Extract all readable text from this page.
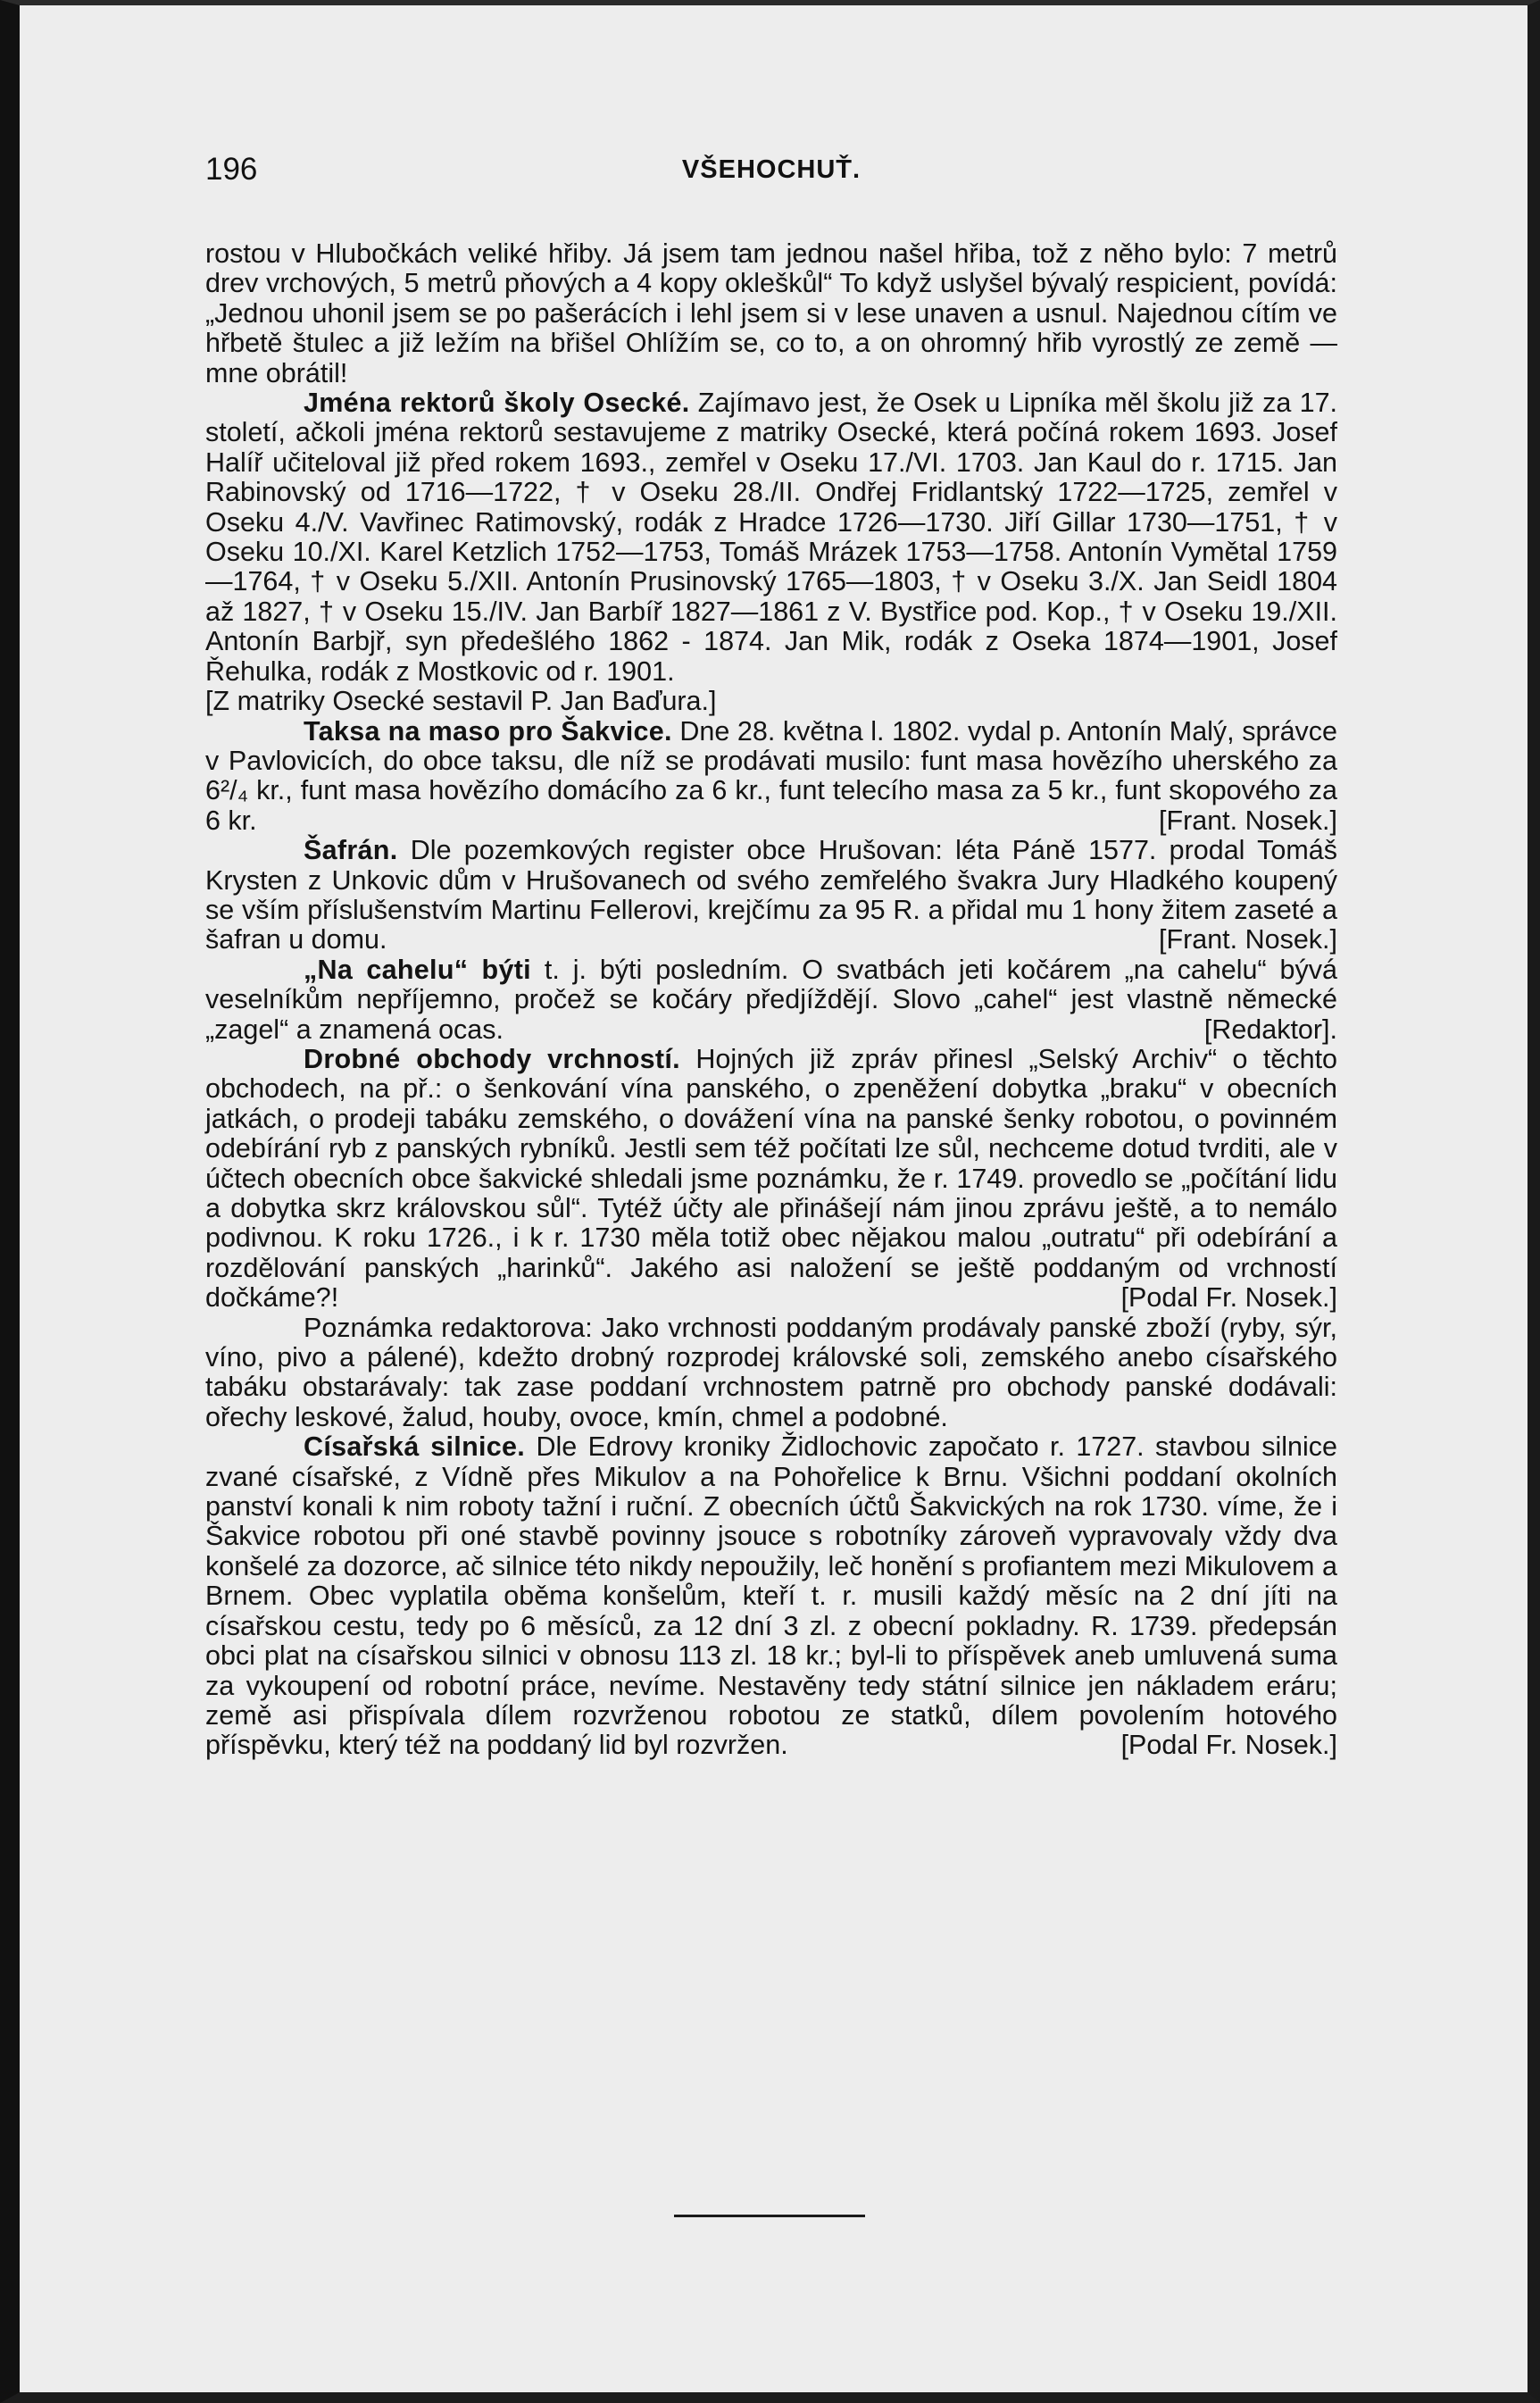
196	VŠEHOCHUŤ.

rostou v Hlubočkách veliké hřiby. Já jsem tam jednou našel hřiba, tož z něho bylo: 7 metrů drev vrchových, 5 metrů pňových a 4 kopy okleškůl“ To když uslyšel bývalý respicient, povídá: „Jednou uhonil jsem se po pašerácích i lehl jsem si v lese unaven a usnul. Najednou cítím ve hřbetě štulec a již ležím na břišel Ohlížím se, co to, a on ohromný hřib vyrostlý ze země — mne obrátil!

Jména rektorů školy Osecké. Zajímavo jest, že Osek u Lipníka měl školu již za 17. století, ačkoli jména rektorů sestavujeme z matriky Osecké, která počíná rokem 1693. Josef Halíř učiteloval již před rokem 1693., zemřel v Oseku 17./VI. 1703. Jan Kaul do r. 1715. Jan Rabinovský od 1716—1722, † v Oseku 28./II. Ondřej Fridlantský 1722—1725, zemřel v Oseku 4./V. Vavřinec Ratimovský, rodák z Hradce 1726—1730. Jiří Gillar 1730—1751, † v Oseku 10./XI. Karel Ketzlich 1752—1753, Tomáš Mrázek 1753—1758. Antonín Vymětal 1759—1764, † v Oseku 5./XII. Antonín Prusinovský 1765—1803, † v Oseku 3./X. Jan Seidl 1804 až 1827, † v Oseku 15./IV. Jan Barbíř 1827—1861 z V. Bystřice pod. Kop., † v Oseku 19./XII. Antonín Barbjř, syn předešlého 1862 - 1874. Jan Mik, rodák z Oseka 1874—1901, Josef Řehulka, rodák z Mostkovic od r. 1901.

[Z matriky Osecké sestavil P. Jan Baďura.]

Taksa na maso pro Šakvice. Dne 28. května l. 1802. vydal p. Antonín Malý, správce v Pavlovicích, do obce taksu, dle níž se prodávati musilo: funt masa hovězího uherského za 6²/₄ kr., funt masa hovězího domácího za 6 kr., funt telecího masa za 5 kr., funt skopového za 6 kr.	[Frant. Nosek.]

Šafrán. Dle pozemkových register obce Hrušovan: léta Páně 1577. prodal Tomáš Krysten z Unkovic dům v Hrušovanech od svého zemřelého švakra Jury Hladkého koupený se vším příslušenstvím Martinu Fellerovi, krejčímu za 95 R. a přidal mu 1 hony žitem zaseté a šafran u domu.	[Frant. Nosek.]

„Na cahelu“ býti t. j. býti posledním. O svatbách jeti kočárem „na cahelu“ bývá veselníkům nepříjemno, pročež se kočáry předjíždějí. Slovo „cahel“ jest vlastně německé „zagel“ a znamená ocas.	[Redaktor].

Drobné obchody vrchností. Hojných již zpráv přinesl „Selský Archiv“ o těchto obchodech, na př.: o šenkování vína panského, o zpeněžení dobytka „braku“ v obecních jatkách, o prodeji tabáku zemského, o dovážení vína na panské šenky robotou, o povinném odebírání ryb z panských rybníků. Jestli sem též počítati lze sůl, nechceme dotud tvrditi, ale v účtech obecních obce šakvické shledali jsme poznámku, že r. 1749. provedlo se „počítání lidu a dobytka skrz královskou sůl“. Tytéž účty ale přinášejí nám jinou zprávu ještě, a to nemálo podivnou. K roku 1726., i k r. 1730 měla totiž obec nějakou malou „outratu“ při odebírání a rozdělování panských „harinků“. Jakého asi naložení se ještě poddaným od vrchností dočkáme?!	[Podal Fr. Nosek.]

Poznámka redaktorova: Jako vrchnosti poddaným prodávaly panské zboží (ryby, sýr, víno, pivo a pálené), kdežto drobný rozprodej královské soli, zemského anebo císařského tabáku obstarávaly: tak zase poddaní vrchnostem patrně pro obchody panské dodávali: ořechy leskové, žalud, houby, ovoce, kmín, chmel a podobné.

Císařská silnice. Dle Edrovy kroniky Židlochovic započato r. 1727. stavbou silnice zvané císařské, z Vídně přes Mikulov a na Pohořelice k Brnu. Všichni poddaní okolních panství konali k nim roboty tažní i ruční. Z obecních účtů Šakvických na rok 1730. víme, že i Šakvice robotou při oné stavbě povinny jsouce s robotníky zároveň vypravovaly vždy dva konšelé za dozorce, ač silnice této nikdy nepoužily, leč honění s profiantem mezi Mikulovem a Brnem. Obec vyplatila oběma konšelům, kteří t. r. musili každý měsíc na 2 dní jíti na císařskou cestu, tedy po 6 měsíců, za 12 dní 3 zl. z obecní pokladny. R. 1739. předepsán obci plat na císařskou silnici v obnosu 113 zl. 18 kr.; byl-li to příspěvek aneb umluvená suma za vykoupení od robotní práce, nevíme. Nestavěny tedy státní silnice jen nákladem eráru; země asi přispívala dílem rozvrženou robotou ze statků, dílem povolením hotového příspěvku, který též na poddaný lid byl rozvržen.	[Podal Fr. Nosek.]
